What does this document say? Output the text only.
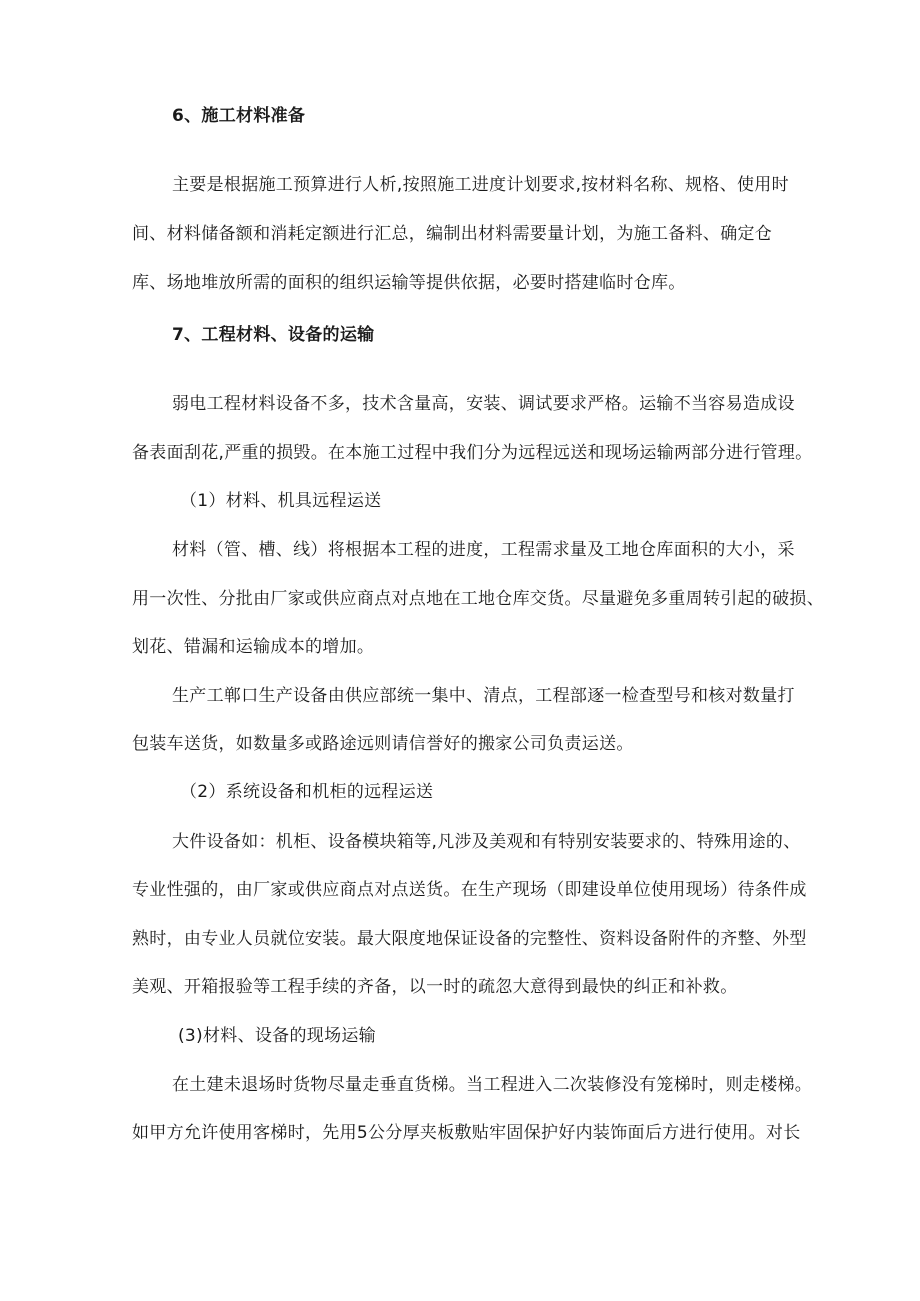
6、施工材料准备
主要是根据施工预算进行人析,按照施工进度计划要求,按材料名称、规格、使用时
间、材料储备额和消耗定额进行汇总，编制出材料需要量计划，为施工备料、确定仓
库、场地堆放所需的面积的组织运输等提供依据，必要时搭建临时仓库。
7、工程材料、设备的运输
弱电工程材料设备不多，技术含量高，安装、调试要求严格。运输不当容易造成设
备表面刮花,严重的损毁。在本施工过程中我们分为远程远送和现场运输两部分进行管理。
（1）材料、机具远程运送
材料（管、槽、线）将根据本工程的进度，工程需求量及工地仓库面积的大小，采
用一次性、分批由厂家或供应商点对点地在工地仓库交货。尽量避免多重周转引起的破损、
划花、错漏和运输成本的增加。
生产工郸口生产设备由供应部统一集中、清点，工程部逐一检查型号和核对数量打
包装车送货，如数量多或路途远则请信誉好的搬家公司负责运送。
（2）系统设备和机柜的远程运送
大件设备如：机柜、设备模块箱等,凡涉及美观和有特别安装要求的、特殊用途的、
专业性强的，由厂家或供应商点对点送货。在生产现场（即建设单位使用现场）待条件成
熟时，由专业人员就位安装。最大限度地保证设备的完整性、资料设备附件的齐整、外型
美观、开箱报验等工程手续的齐备，以一时的疏忽大意得到最快的纠正和补救。
(3)材料、设备的现场运输
在土建未退场时货物尽量走垂直货梯。当工程进入二次装修没有笼梯时，则走楼梯。
如甲方允许使用客梯时，先用5公分厚夹板敷贴牢固保护好内装饰面后方进行使用。对长
